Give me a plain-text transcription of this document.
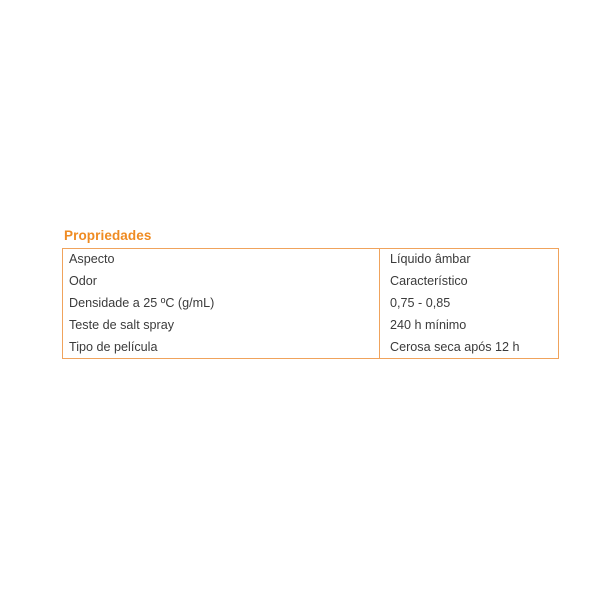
Propriedades
Aspecto	Líquido âmbar
Odor	Característico
Densidade a 25 ºC (g/mL)	0,75 - 0,85
Teste de salt spray	240 h mínimo
Tipo de película	Cerosa seca após 12 h
